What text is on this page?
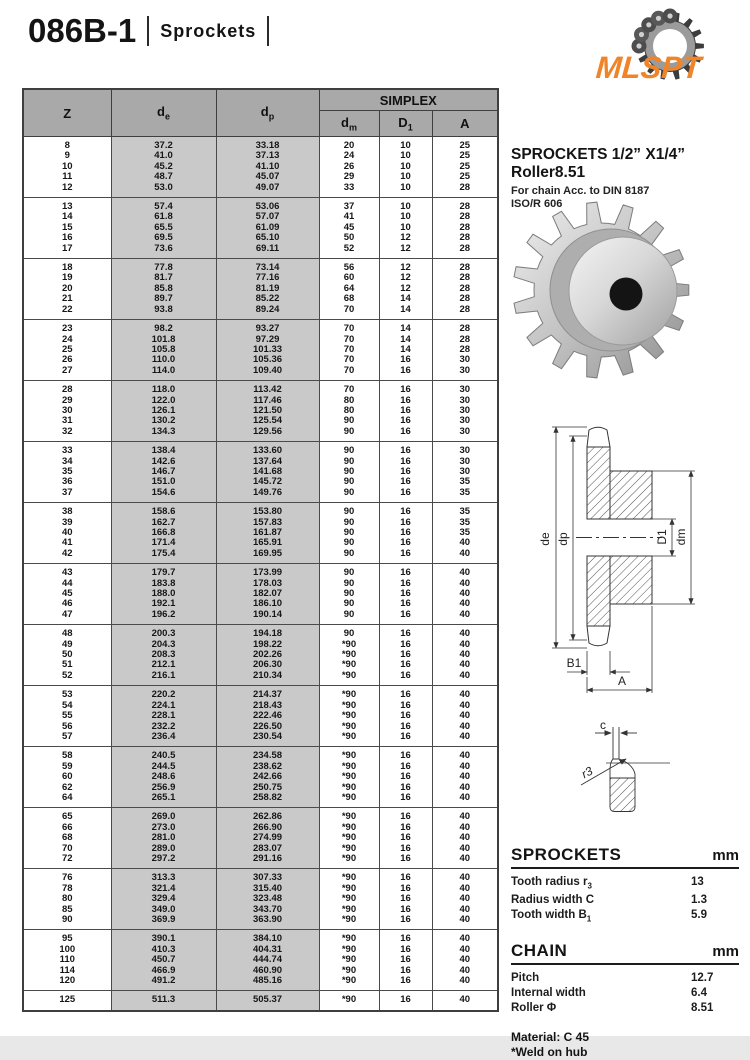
086B-1 Sprockets
MLSPT
Z	$d_e$	$d_p$	SIMPLEX		
			$d_m$	$D_1$	A
8	37.2	33.18	20	10	25
9	41.0	37.13	24	10	25
10	45.2	41.10	26	10	25
11	48.7	45.07	29	10	25
12	53.0	49.07	33	10	28
13	57.4	53.06	37	10	28
14	61.8	57.07	41	10	28
15	65.5	61.09	45	10	28
16	69.5	65.10	50	12	28
17	73.6	69.11	52	12	28
18	77.8	73.14	56	12	28
19	81.7	77.16	60	12	28
20	85.8	81.19	64	12	28
21	89.7	85.22	68	14	28
22	93.8	89.24	70	14	28
23	98.2	93.27	70	14	28
24	101.8	97.29	70	14	28
25	105.8	101.33	70	14	28
26	110.0	105.36	70	16	30
27	114.0	109.40	70	16	30
28	118.0	113.42	70	16	30
29	122.0	117.46	80	16	30
30	126.1	121.50	80	16	30
31	130.2	125.54	90	16	30
32	134.3	129.56	90	16	30
33	138.4	133.60	90	16	30
34	142.6	137.64	90	16	30
35	146.7	141.68	90	16	30
36	151.0	145.72	90	16	35
37	154.6	149.76	90	16	35
38	158.6	153.80	90	16	35
39	162.7	157.83	90	16	35
40	166.8	161.87	90	16	35
41	171.4	165.91	90	16	40
42	175.4	169.95	90	16	40
43	179.7	173.99	90	16	40
44	183.8	178.03	90	16	40
45	188.0	182.07	90	16	40
46	192.1	186.10	90	16	40
47	196.2	190.14	90	16	40
48	200.3	194.18	90	16	40
49	204.3	198.22	*90	16	40
50	208.3	202.26	*90	16	40
51	212.1	206.30	*90	16	40
52	216.1	210.34	*90	16	40
53	220.2	214.37	*90	16	40
54	224.1	218.43	*90	16	40
55	228.1	222.46	*90	16	40
56	232.2	226.50	*90	16	40
57	236.4	230.54	*90	16	40
58	240.5	234.58	*90	16	40
59	244.5	238.62	*90	16	40
60	248.6	242.66	*90	16	40
62	256.9	250.75	*90	16	40
64	265.1	258.82	*90	16	40
65	269.0	262.86	*90	16	40
66	273.0	266.90	*90	16	40
68	281.0	274.99	*90	16	40
70	289.0	283.07	*90	16	40
72	297.2	291.16	*90	16	40
76	313.3	307.33	*90	16	40
78	321.4	315.40	*90	16	40
80	329.4	323.48	*90	16	40
85	349.0	343.70	*90	16	40
90	369.9	363.90	*90	16	40
95	390.1	384.10	*90	16	40
100	410.3	404.31	*90	16	40
110	450.7	444.74	*90	16	40
114	466.9	460.90	*90	16	40
120	491.2	485.16	*90	16	40
125	511.3	505.37	*90	16	40
SPROCKETS 1/2” X1/4” Roller8.51
For chain Acc. to DIN 8187
ISO/R 606
de dp	D1 dm
B1
A
c
r3
SPROCKETS	mm
Tooth radius $r_3$	13
Radius width C	1.3
Tooth width $B_1$	5.9
CHAIN	mm
Pitch	12.7
Internal width	6.4
Roller Φ	8.51
Material: C 45
*Weld on hub
